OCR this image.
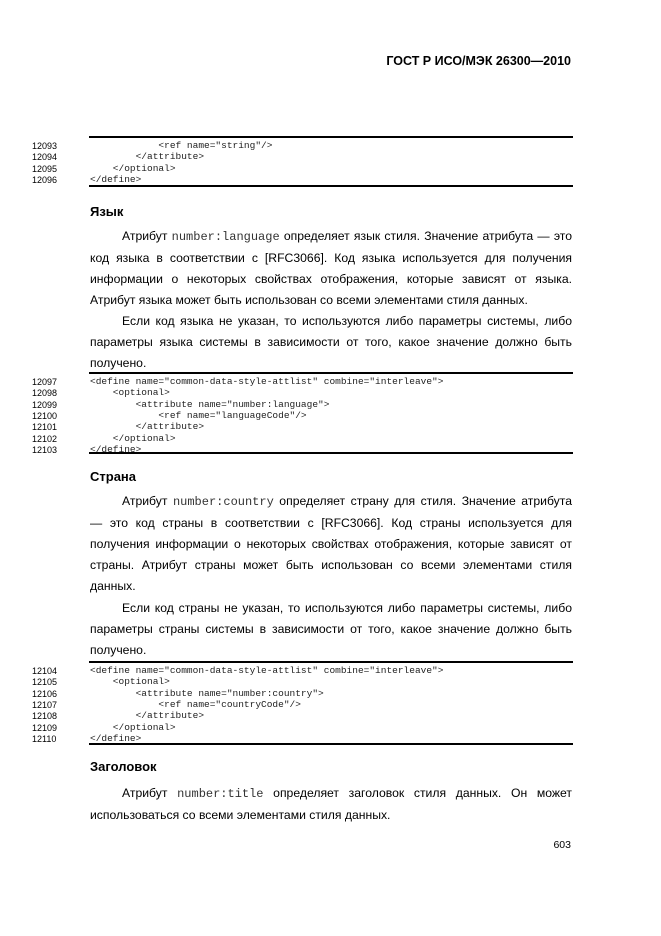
ГОСТ Р ИСО/МЭК 26300—2010
12093	<ref name="string"/>
12094	</attribute>
12095	</optional>
12096	</define>
Язык

Атрибут number:language определяет язык стиля. Значение атрибута — это код языка в соответствии с [RFC3066]. Код языка используется для получения информации о некоторых свойствах отображения, которые зависят от языка. Атрибут языка может быть использован со всеми элементами стиля данных.

Если код языка не указан, то используются либо параметры системы, либо параметры языка системы в зависимости от того, какое значение должно быть получено.

12097	<define name="common-data-style-attlist" combine="interleave">
12098	<optional>
12099	<attribute name="number:language">
12100	<ref name="languageCode"/>
12101	</attribute>
12102	</optional>
12103	</define>
Страна

Атрибут number:country определяет страну для стиля. Значение атрибута — это код страны в соответствии с [RFC3066]. Код страны используется для получения информации о некоторых свойствах отображения, которые зависят от страны. Атрибут страны может быть использован со всеми элементами стиля данных.

Если код страны не указан, то используются либо параметры системы, либо параметры страны системы в зависимости от того, какое значение должно быть получено.

12104	<define name="common-data-style-attlist" combine="interleave">
12105	<optional>
12106	<attribute name="number:country">
12107	<ref name="countryCode"/>
12108	</attribute>
12109	</optional>
12110	</define>
Заголовок

Атрибут number:title определяет заголовок стиля данных. Он может использоваться со всеми элементами стиля данных.

603
